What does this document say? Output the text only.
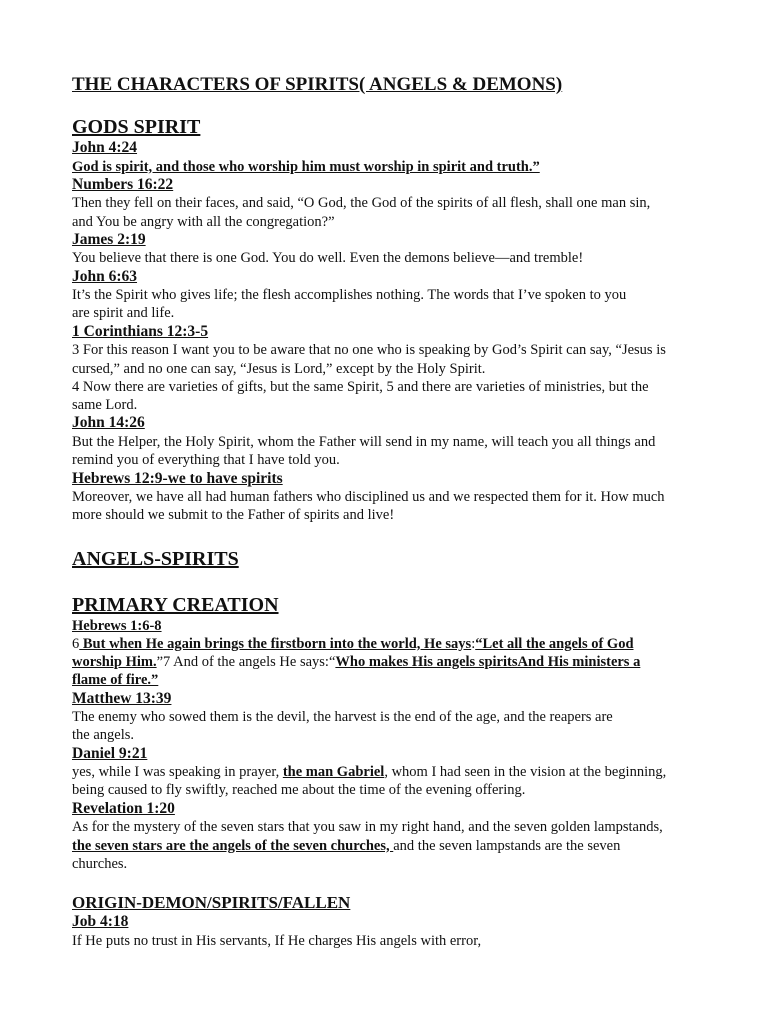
THE CHARACTERS OF SPIRITS( ANGELS & DEMONS)
GODS SPIRIT
John 4:24
God is spirit, and those who worship him must worship in spirit and truth.”
Numbers 16:22
Then they fell on their faces, and said, “O God, the God of the spirits of all flesh, shall one man sin,
and You be angry with all the congregation?”
James 2:19
You believe that there is one God. You do well. Even the demons believe—and tremble!
John 6:63
It’s the Spirit who gives life; the flesh accomplishes nothing. The words that I’ve spoken to you
are spirit and life.
1 Corinthians 12:3-5
3 For this reason I want you to be aware that no one who is speaking by God’s Spirit can say, “Jesus is
cursed,” and no one can say, “Jesus is Lord,” except by the Holy Spirit.
4 Now there are varieties of gifts, but the same Spirit, 5 and there are varieties of ministries, but the
same Lord.
John 14:26
But the Helper, the Holy Spirit, whom the Father will send in my name, will teach you all things and
remind you of everything that I have told you.
Hebrews 12:9-we to have spirits
Moreover, we have all had human fathers who disciplined us and we respected them for it. How much
more should we submit to the Father of spirits and live!
ANGELS-SPIRITS
PRIMARY CREATION
Hebrews 1:6-8
6 But when He again brings the firstborn into the world, He says:“Let all the angels of God
worship Him.”7 And of the angels He says:“Who makes His angels spiritsAnd His ministers a
flame of fire.”
Matthew 13:39
The enemy who sowed them is the devil, the harvest is the end of the age, and the reapers are
the angels.
Daniel 9:21
yes, while I was speaking in prayer, the man Gabriel, whom I had seen in the vision at the beginning,
being caused to fly swiftly, reached me about the time of the evening offering.
Revelation 1:20
As for the mystery of the seven stars that you saw in my right hand, and the seven golden lampstands,
the seven stars are the angels of the seven churches, and the seven lampstands are the seven
churches.
ORIGIN-DEMON/SPIRITS/FALLEN
Job 4:18
If He puts no trust in His servants, If He charges His angels with error,
